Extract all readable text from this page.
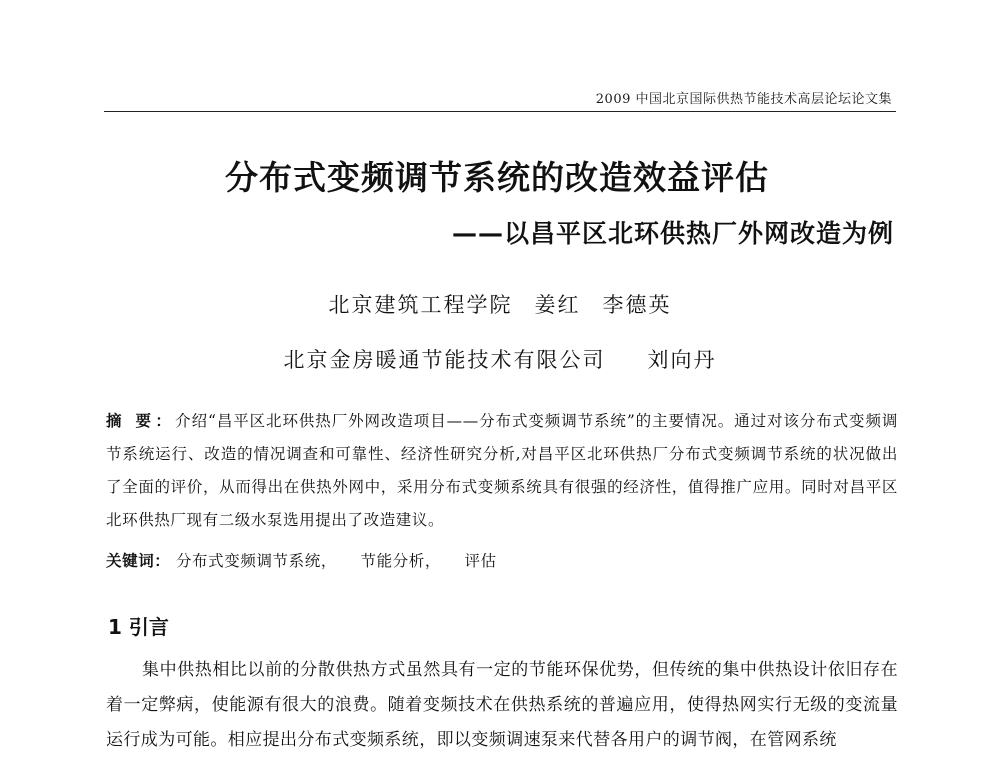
2009 中国北京国际供热节能技术高层论坛论文集
分布式变频调节系统的改造效益评估
——以昌平区北环供热厂外网改造为例
北京建筑工程学院 姜红 李德英
北京金房暖通节能技术有限公司 刘向丹
摘 要：介绍“昌平区北环供热厂外网改造项目——分布式变频调节系统”的主要情况。通过对该分布式变频调节系统运行、改造的情况调查和可靠性、经济性研究分析,对昌平区北环供热厂分布式变频调节系统的状况做出了全面的评价，从而得出在供热外网中，采用分布式变频系统具有很强的经济性，值得推广应用。同时对昌平区北环供热厂现有二级水泵选用提出了改造建议。
关键词： 分布式变频调节系统， 节能分析， 评估
1 引言
集中供热相比以前的分散供热方式虽然具有一定的节能环保优势，但传统的集中供热设计依旧存在着一定弊病，使能源有很大的浪费。随着变频技术在供热系统的普遍应用，使得热网实行无级的变流量运行成为可能。相应提出分布式变频系统，即以变频调速泵来代替各用户的调节阀，在管网系统
